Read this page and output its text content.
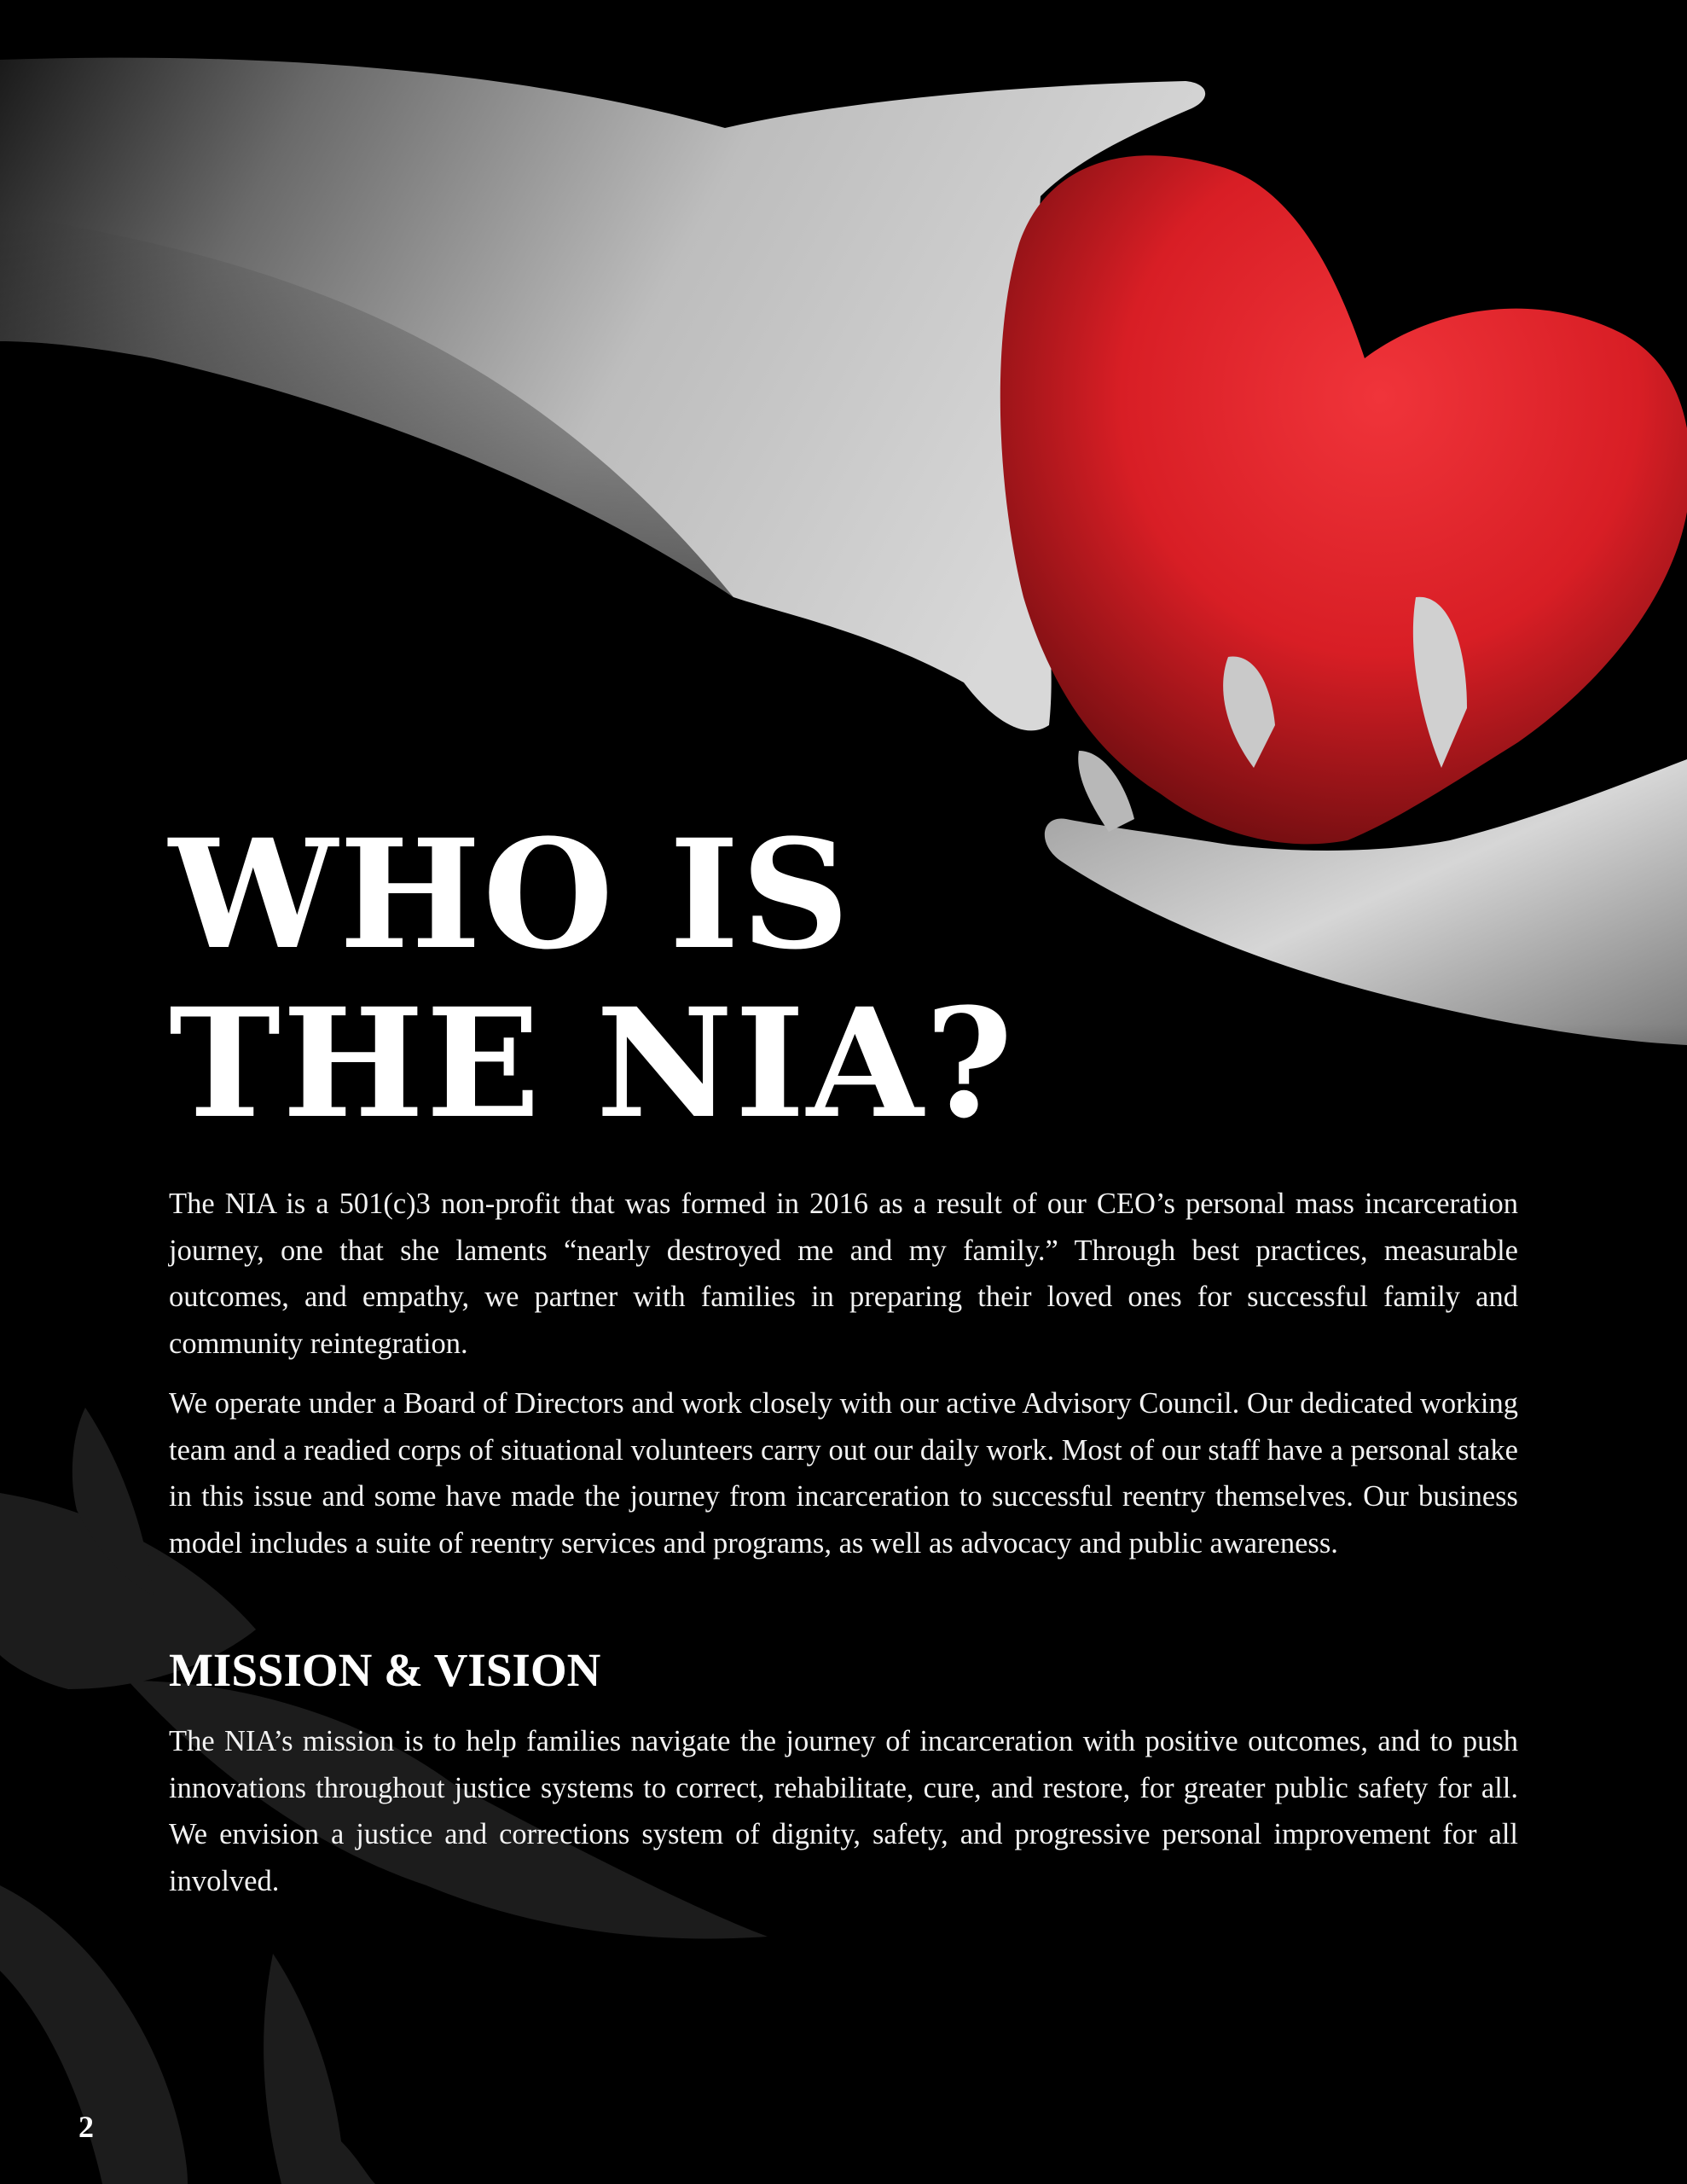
WHO IS
THE NIA?

The NIA is a 501(c)3 non-profit that was formed in 2016 as a result of our CEO’s personal mass incarceration journey, one that she laments “nearly destroyed me and my family.” Through best practices, measurable outcomes, and empathy, we partner with families in preparing their loved ones for successful family and community reintegration.

We operate under a Board of Directors and work closely with our active Advisory Council. Our dedicated working team and a readied corps of situational volunteers carry out our daily work. Most of our staff have a personal stake in this issue and some have made the journey from incarceration to successful reentry themselves. Our business model includes a suite of reentry services and programs, as well as advocacy and public awareness.

MISSION & VISION

The NIA’s mission is to help families navigate the journey of incarceration with positive outcomes, and to push innovations throughout justice systems to correct, rehabilitate, cure, and restore, for greater public safety for all. We envision a justice and corrections system of dignity, safety, and progressive personal improvement for all involved.

2
